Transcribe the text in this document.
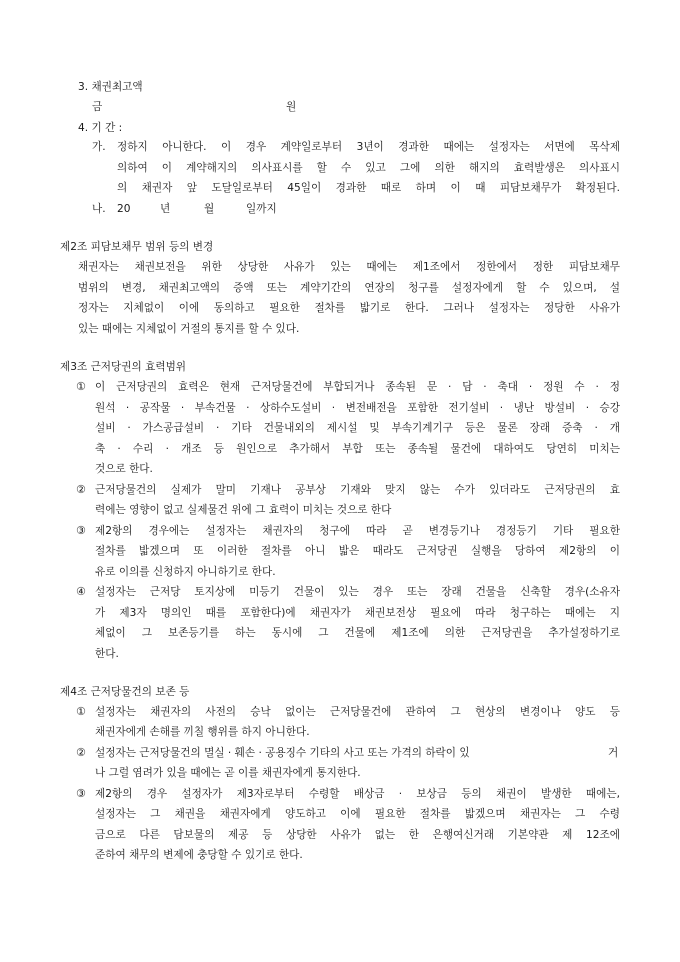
3. 채권최고액
금	원
4. 기 간 :
가. 정하지 아니한다. 이 경우 계약일로부터 3년이 경과한 때에는 설정자는 서면에 목삭제
의하여 이 계약해지의 의사표시를 할 수 있고 그에 의한 해지의 효력발생은 의사표시
의 채권자 앞 도달일로부터 45일이 경과한 때로 하며 이 때 피담보채무가 확정된다.
나. 20	년	월	일까지
제2조 피담보채무 범위 등의 변경
채권자는 채권보전을 위한 상당한 사유가 있는 때에는 제1조에서 정한에서 정한 피담보채무
범위의 변경, 채권최고액의 증액 또는 계약기간의 연장의 청구를 설정자에게 할 수 있으며, 설
정자는 지체없이 이에 동의하고 필요한 절차를 밟기로 한다. 그러나 설정자는 정당한 사유가
있는 때에는 지체없이 거절의 통지를 할 수 있다.
제3조 근저당권의 효력범위
① 이 근저당권의 효력은 현재 근저당물건에 부합되거나 종속된 문 · 담 · 축대 · 정원 수 · 정
원석 · 공작물 · 부속건물 · 상하수도설비 · 변전배전을 포함한 전기설비 · 냉난 방설비 · 승강
설비 · 가스공급설비 · 기타 건물내외의 제시설 및 부속기계기구 등은 물론 장래 증축 · 개
축 · 수리 · 개조 등 원인으로 추가해서 부합 또는 종속될 물건에 대하여도 당연히 미치는
것으로 한다.
② 근저당물건의 실제가 말미 기재나 공부상 기재와 맞지 않는 수가 있더라도 근저당권의 효
력에는 영향이 없고 실제물건 위에 그 효력이 미치는 것으로 한다
③ 제2항의 경우에는 설정자는 채권자의 청구에 따라 곧 변경등기나 경정등기 기타 필요한
절차를 밟겠으며 또 이러한 절차를 아니 밟은 때라도 근저당권 실행을 당하여 제2항의 이
유로 이의를 신청하지 아니하기로 한다.
④ 설정자는 근저당 토지상에 미등기 건물이 있는 경우 또는 장래 건물을 신축할 경우(소유자
가 제3자 명의인 때를 포함한다)에 채권자가 채권보전상 필요에 따라 청구하는 때에는 지
체없이 그 보존등기를 하는 동시에 그 건물에 제1조에 의한 근저당권을 추가설정하기로
한다.
제4조 근저당물건의 보존 등
① 설정자는 채권자의 사전의 승낙 없이는 근저당물건에 관하여 그 현상의 변경이나 양도 등
채권자에게 손해를 끼칠 행위를 하지 아니한다.
② 설정자는 근저당물건의 멸실 · 훼손 · 공용징수 기타의 사고 또는 가격의 하락이 있	거
나 그럴 염려가 있을 때에는 곧 이를 채권자에게 통지한다.
③ 제2항의 경우 설정자가 제3자로부터 수령할 배상금 · 보상금 등의 채권이 발생한 때에는,
설정자는 그 채권을 채권자에게 양도하고 이에 필요한 절차를 밟겠으며 채권자는 그 수령
금으로 다른 담보물의 제공 등 상당한 사유가 없는 한 은행여신거래 기본약관 제 12조에
준하여 채무의 변제에 충당할 수 있기로 한다.
